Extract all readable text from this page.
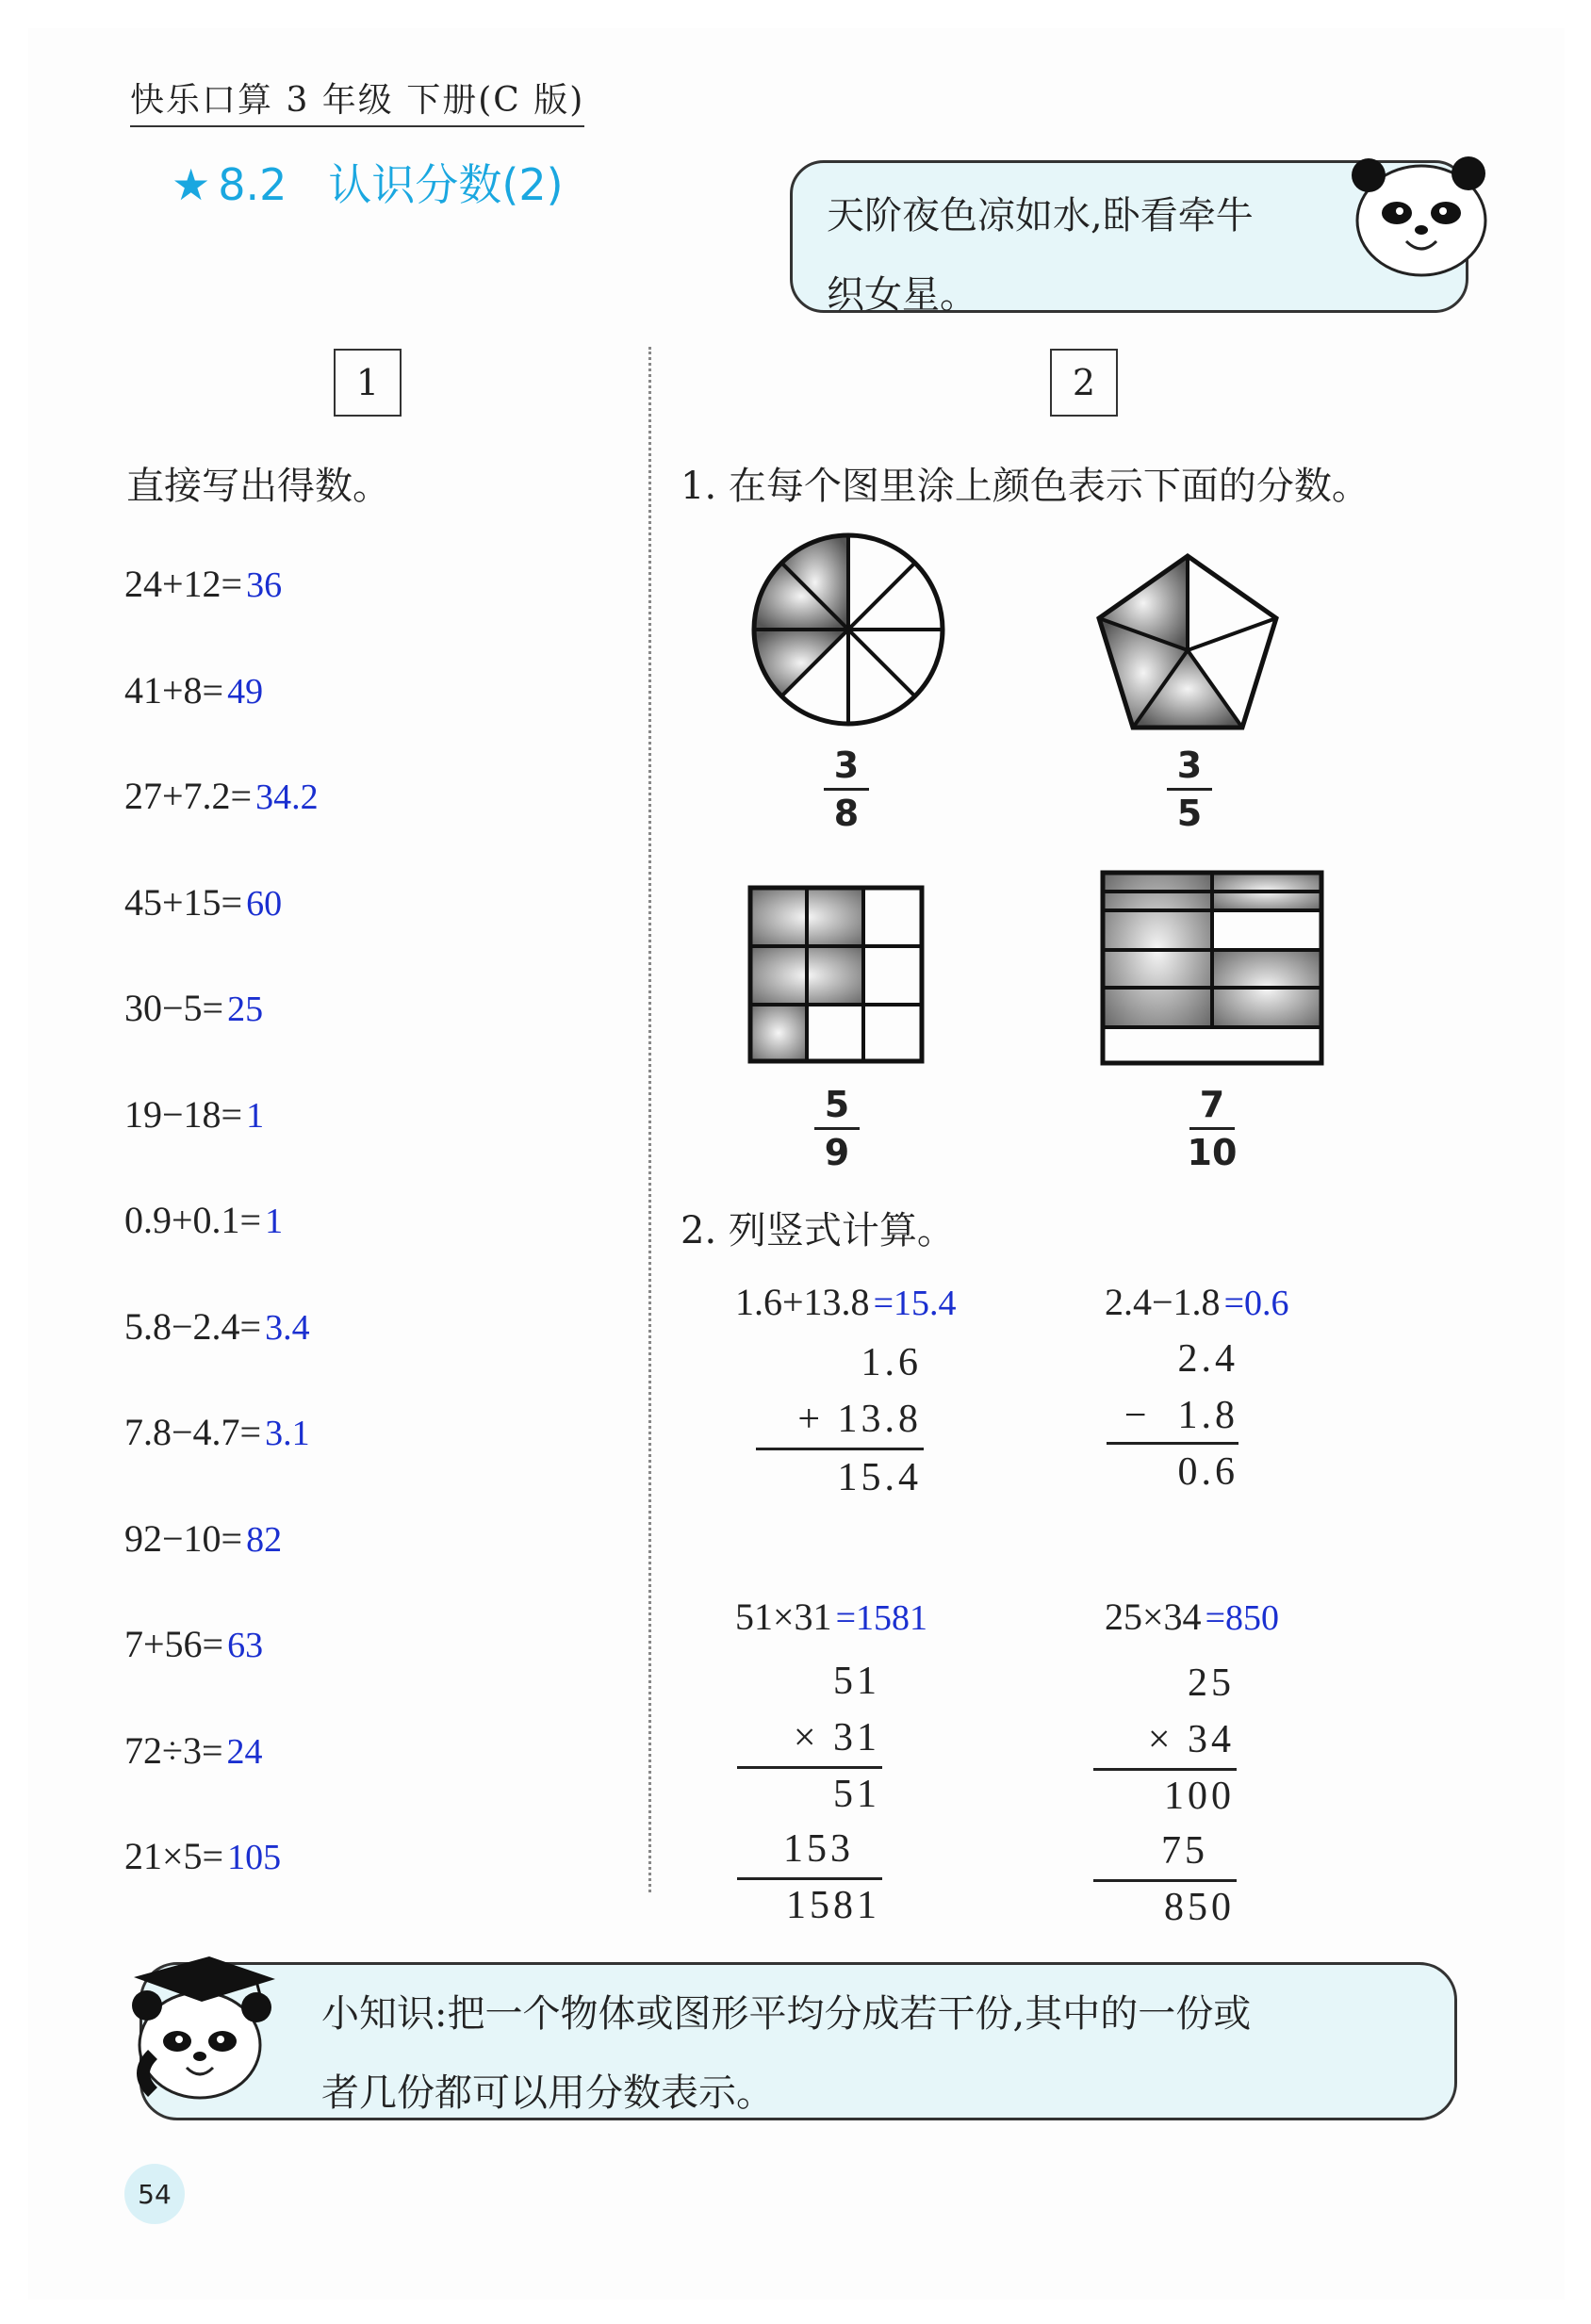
快乐口算 3 年级 下册(C 版)
★ 8.2 认识分数(2)
天阶夜色凉如水,卧看牵牛
织女星。
1	2
直接写出得数。
24+12= 36
41+8= 49
27+7.2= 34.2
45+15= 60
30−5= 25
19−18= 1
0.9+0.1= 1
5.8−2.4= 3.4
7.8−4.7= 3.1
92−10= 82
7+56= 63
72÷3= 24
21×5= 105
1. 在每个图里涂上颜色表示下面的分数。
3
8
3
5
5
9
7
10
2. 列竖式计算。
1.6+13.8 =15.4
1.6
+ 13.8
15.4
2.4−1.8 =0.6
2.4
−  1.8
0.6
51×31 =1581
51
× 31
51
153
1581
25×34 =850
25
× 34
100
75
850
小知识:把一个物体或图形平均分成若干份,其中的一份或
者几份都可以用分数表示。
54
